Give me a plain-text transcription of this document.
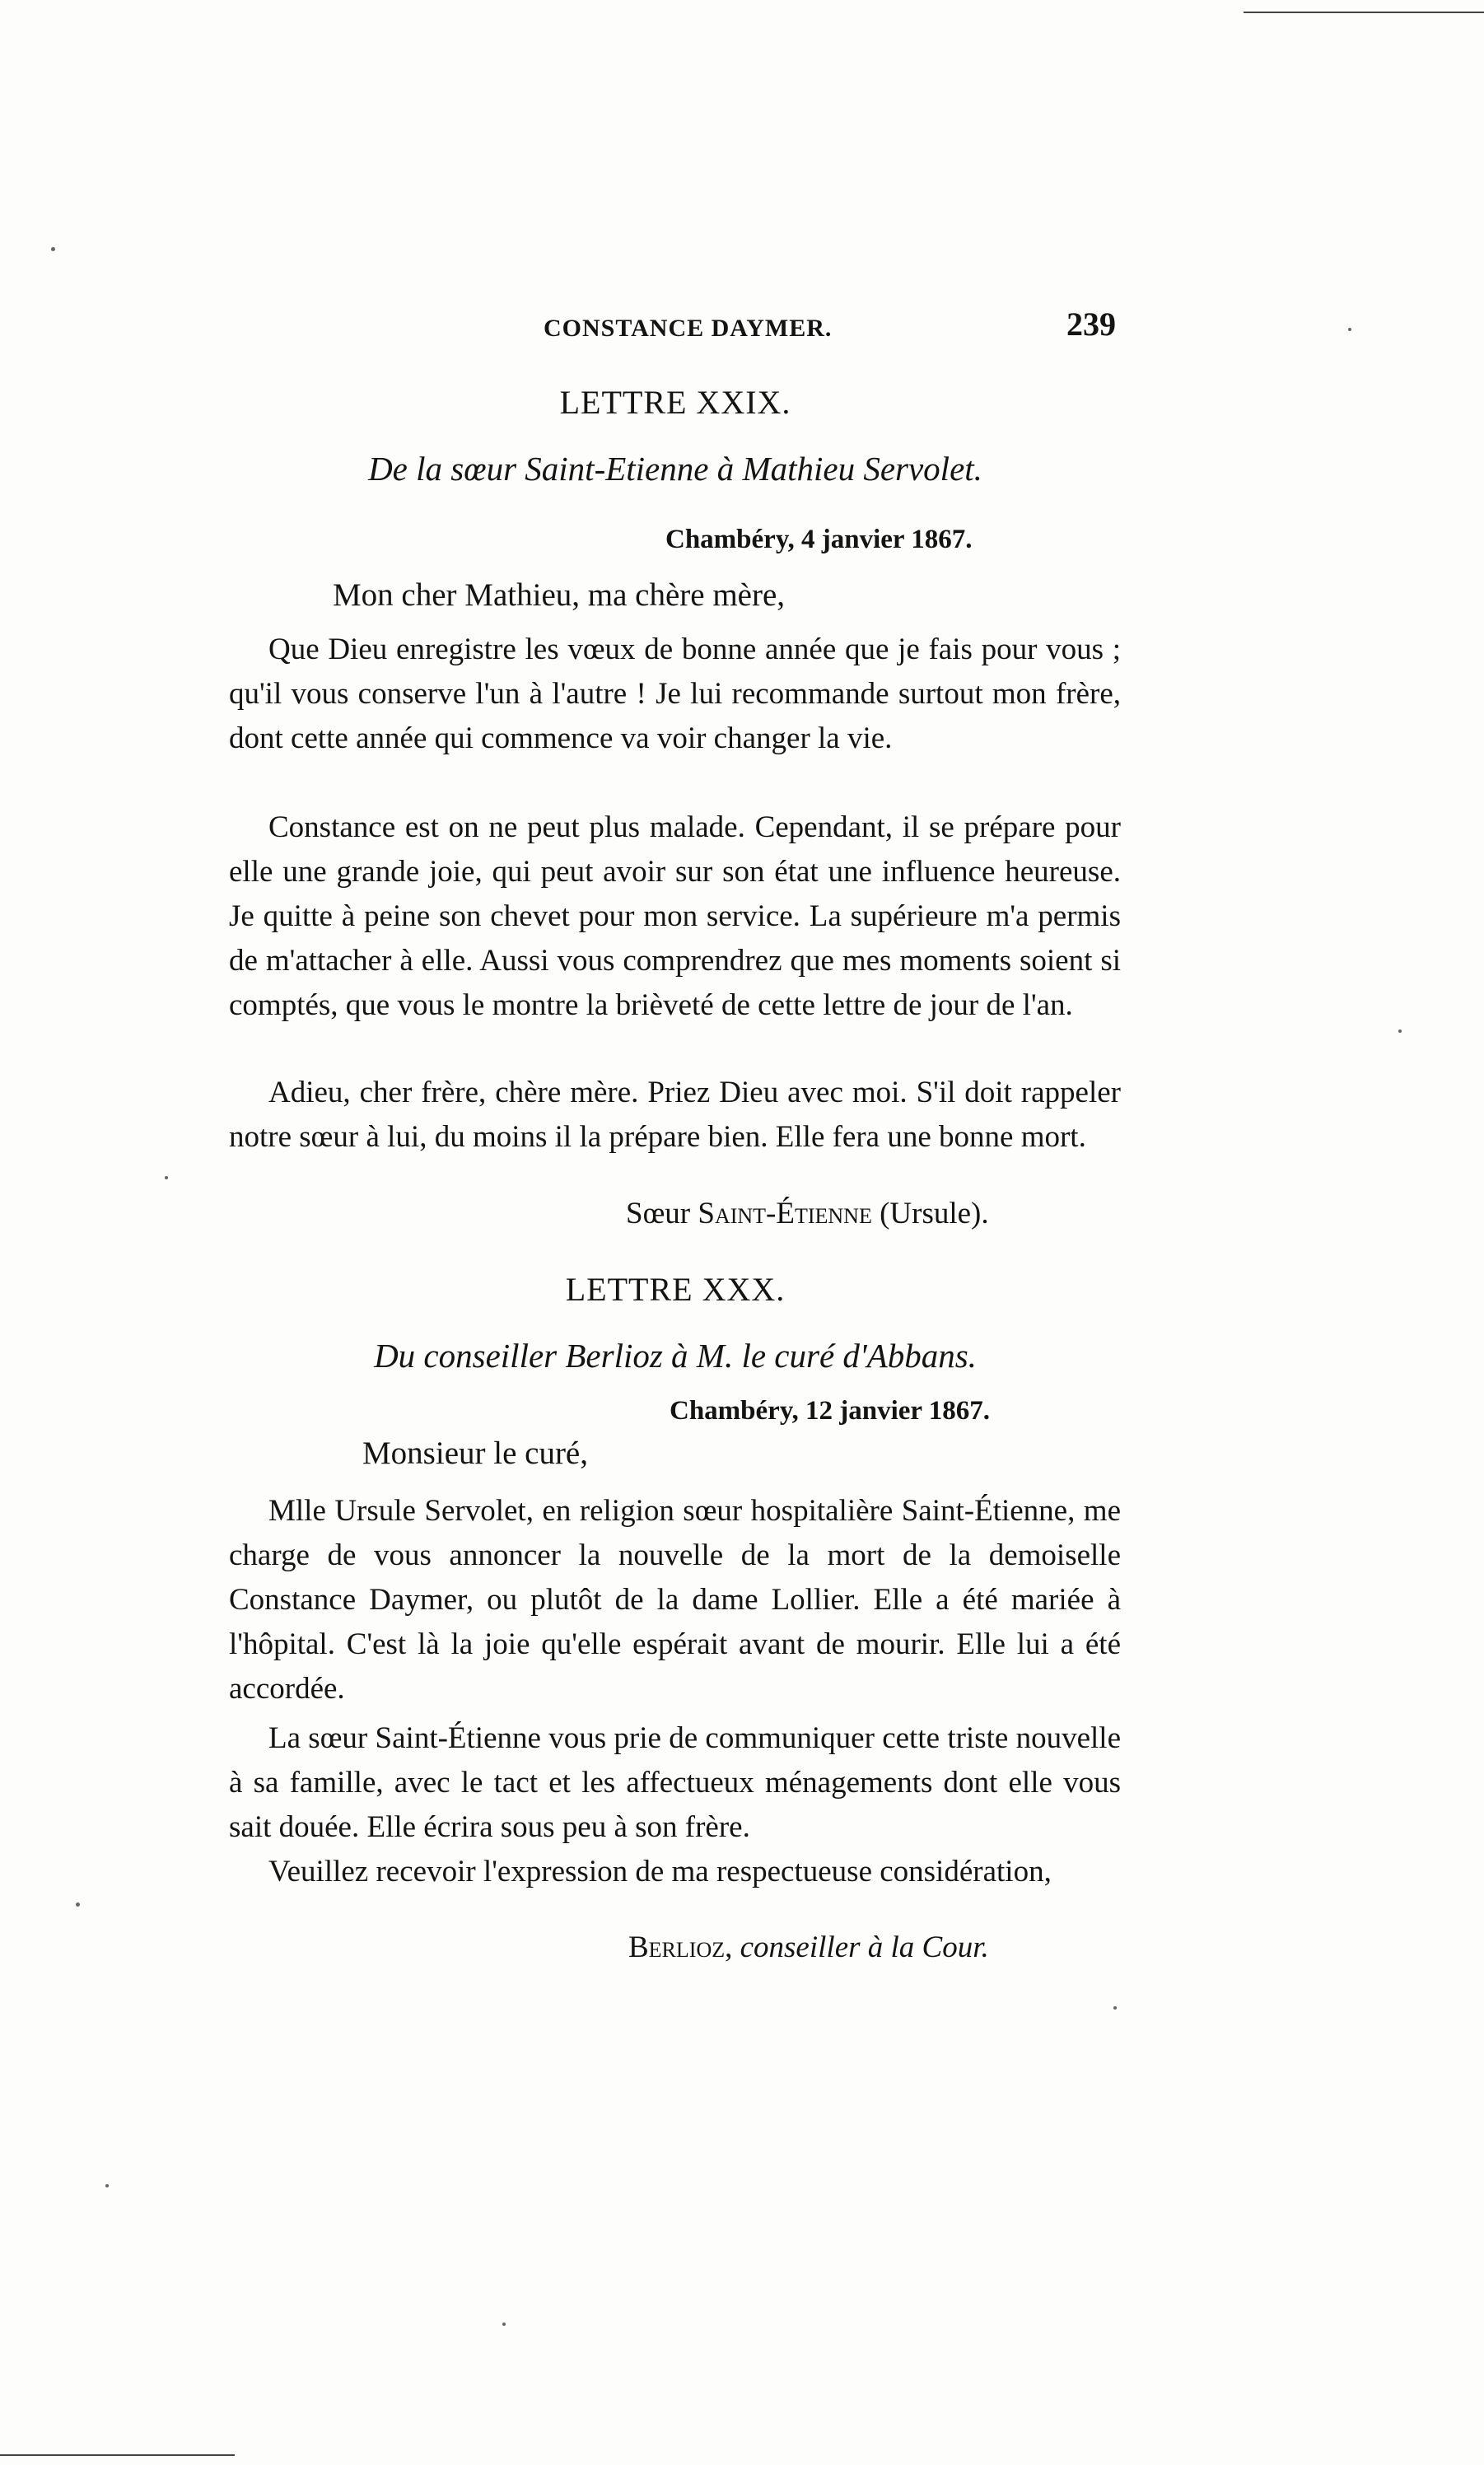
CONSTANCE DAYMER.	239
LETTRE XXIX.
De la sœur Saint-Etienne à Mathieu Servolet.
Chambéry, 4 janvier 1867.
Mon cher Mathieu, ma chère mère,
Que Dieu enregistre les vœux de bonne année que je fais pour vous ; qu'il vous conserve l'un à l'autre ! Je lui recommande surtout mon frère, dont cette année qui commence va voir changer la vie.
Constance est on ne peut plus malade. Cependant, il se prépare pour elle une grande joie, qui peut avoir sur son état une influence heureuse. Je quitte à peine son chevet pour mon service. La supérieure m'a permis de m'attacher à elle. Aussi vous comprendrez que mes moments soient si comptés, que vous le montre la brièveté de cette lettre de jour de l'an.
Adieu, cher frère, chère mère. Priez Dieu avec moi. S'il doit rappeler notre sœur à lui, du moins il la prépare bien. Elle fera une bonne mort.
Sœur Saint-Étienne (Ursule).
LETTRE XXX.
Du conseiller Berlioz à M. le curé d'Abbans.
Chambéry, 12 janvier 1867.
Monsieur le curé,
Mlle Ursule Servolet, en religion sœur hospitalière Saint-Étienne, me charge de vous annoncer la nouvelle de la mort de la demoiselle Constance Daymer, ou plutôt de la dame Lollier. Elle a été mariée à l'hôpital. C'est là la joie qu'elle espérait avant de mourir. Elle lui a été accordée.
La sœur Saint-Étienne vous prie de communiquer cette triste nouvelle à sa famille, avec le tact et les affectueux ménagements dont elle vous sait douée. Elle écrira sous peu à son frère.
Veuillez recevoir l'expression de ma respectueuse considération,
Berlioz, conseiller à la Cour.
